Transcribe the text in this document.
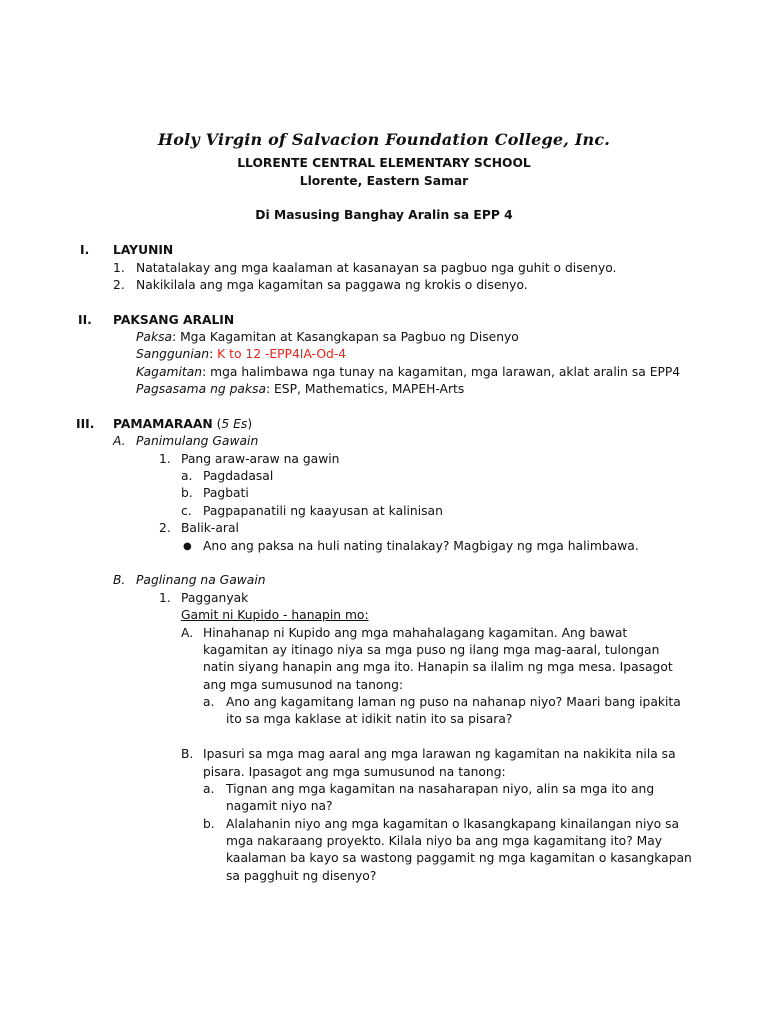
Holy Virgin of Salvacion Foundation College, Inc.
LLORENTE CENTRAL ELEMENTARY SCHOOL
Llorente, Eastern Samar
Di Masusing Banghay Aralin sa EPP 4
I. LAYUNIN
1. Natatalakay ang mga kaalaman at kasanayan sa pagbuo nga guhit o disenyo.
2. Nakikilala ang mga kagamitan sa paggawa ng krokis o disenyo.
II. PAKSANG ARALIN
Paksa: Mga Kagamitan at Kasangkapan sa Pagbuo ng Disenyo
Sanggunian: K to 12 -EPP4IA-Od-4
Kagamitan: mga halimbawa nga tunay na kagamitan, mga larawan, aklat aralin sa EPP4
Pagsasama ng paksa: ESP, Mathematics, MAPEH-Arts
III. PAMAMARAAN (5 Es)
A. Panimulang Gawain
1. Pang araw-araw na gawin
a. Pagdadasal
b. Pagbati
c. Pagpapanatili ng kaayusan at kalinisan
2. Balik-aral
● Ano ang paksa na huli nating tinalakay? Magbigay ng mga halimbawa.
B. Paglinang na Gawain
1. Pagganyak
Gamit ni Kupido - hanapin mo:
A. Hinahanap ni Kupido ang mga mahahalagang kagamitan. Ang bawat
kagamitan ay itinago niya sa mga puso ng ilang mga mag-aaral, tulongan
natin siyang hanapin ang mga ito. Hanapin sa ilalim ng mga mesa. Ipasagot
ang mga sumusunod na tanong:
a. Ano ang kagamitang laman ng puso na nahanap niyo? Maari bang ipakita
ito sa mga kaklase at idikit natin ito sa pisara?
B. Ipasuri sa mga mag aaral ang mga larawan ng kagamitan na nakikita nila sa
pisara. Ipasagot ang mga sumusunod na tanong:
a. Tignan ang mga kagamitan na nasaharapan niyo, alin sa mga ito ang
nagamit niyo na?
b. Alalahanin niyo ang mga kagamitan o lkasangkapang kinailangan niyo sa
mga nakaraang proyekto. Kilala niyo ba ang mga kagamitang ito? May
kaalaman ba kayo sa wastong paggamit ng mga kagamitan o kasangkapan
sa pagghuit ng disenyo?
